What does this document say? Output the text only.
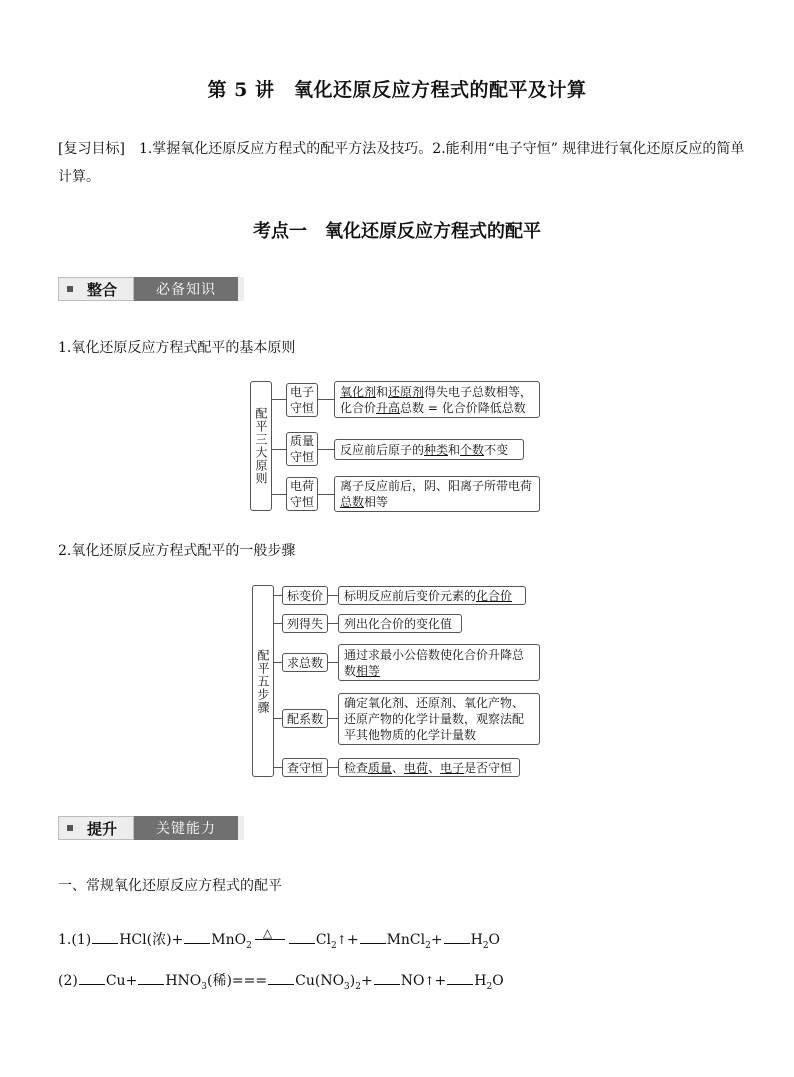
第 5 讲　氧化还原反应方程式的配平及计算
[复习目标] 1.掌握氧化还原反应方程式的配平方法及技巧。2.能利用“电子守恒” 规律进行氧化还原反应的简单计算。
考点一　氧化还原反应方程式的配平
整合	必备知识
1.氧化还原反应方程式配平的基本原则
配平三大原则
电子守恒
质量守恒
电荷守恒
氧化剂和还原剂得失电子总数相等，化合价升高总数 = 化合价降低总数
反应前后原子的种类和个数不变
离子反应前后，阴、阳离子所带电荷总数相等
2.氧化还原反应方程式配平的一般步骤
配平五步骤
标变价
列得失
求总数
配系数
查守恒
标明反应前后变价元素的化合价
列出化合价的变化值
通过求最小公倍数使化合价升降总数相等
确定氧化剂、还原剂、氧化产物、还原产物的化学计量数，观察法配平其他物质的化学计量数
检查质量、电荷、电子是否守恒
提升	关键能力
一、常规氧化还原反应方程式的配平
1.(1) HCl(浓)+ MnO$_2$
△	$Cl_2↑+$ MnCl$_2$+ $H_2O$
(2) $Cu+ HNO_3$(稀)=== $Cu(NO_3)_2+$ NO↑+ $H_2O$
